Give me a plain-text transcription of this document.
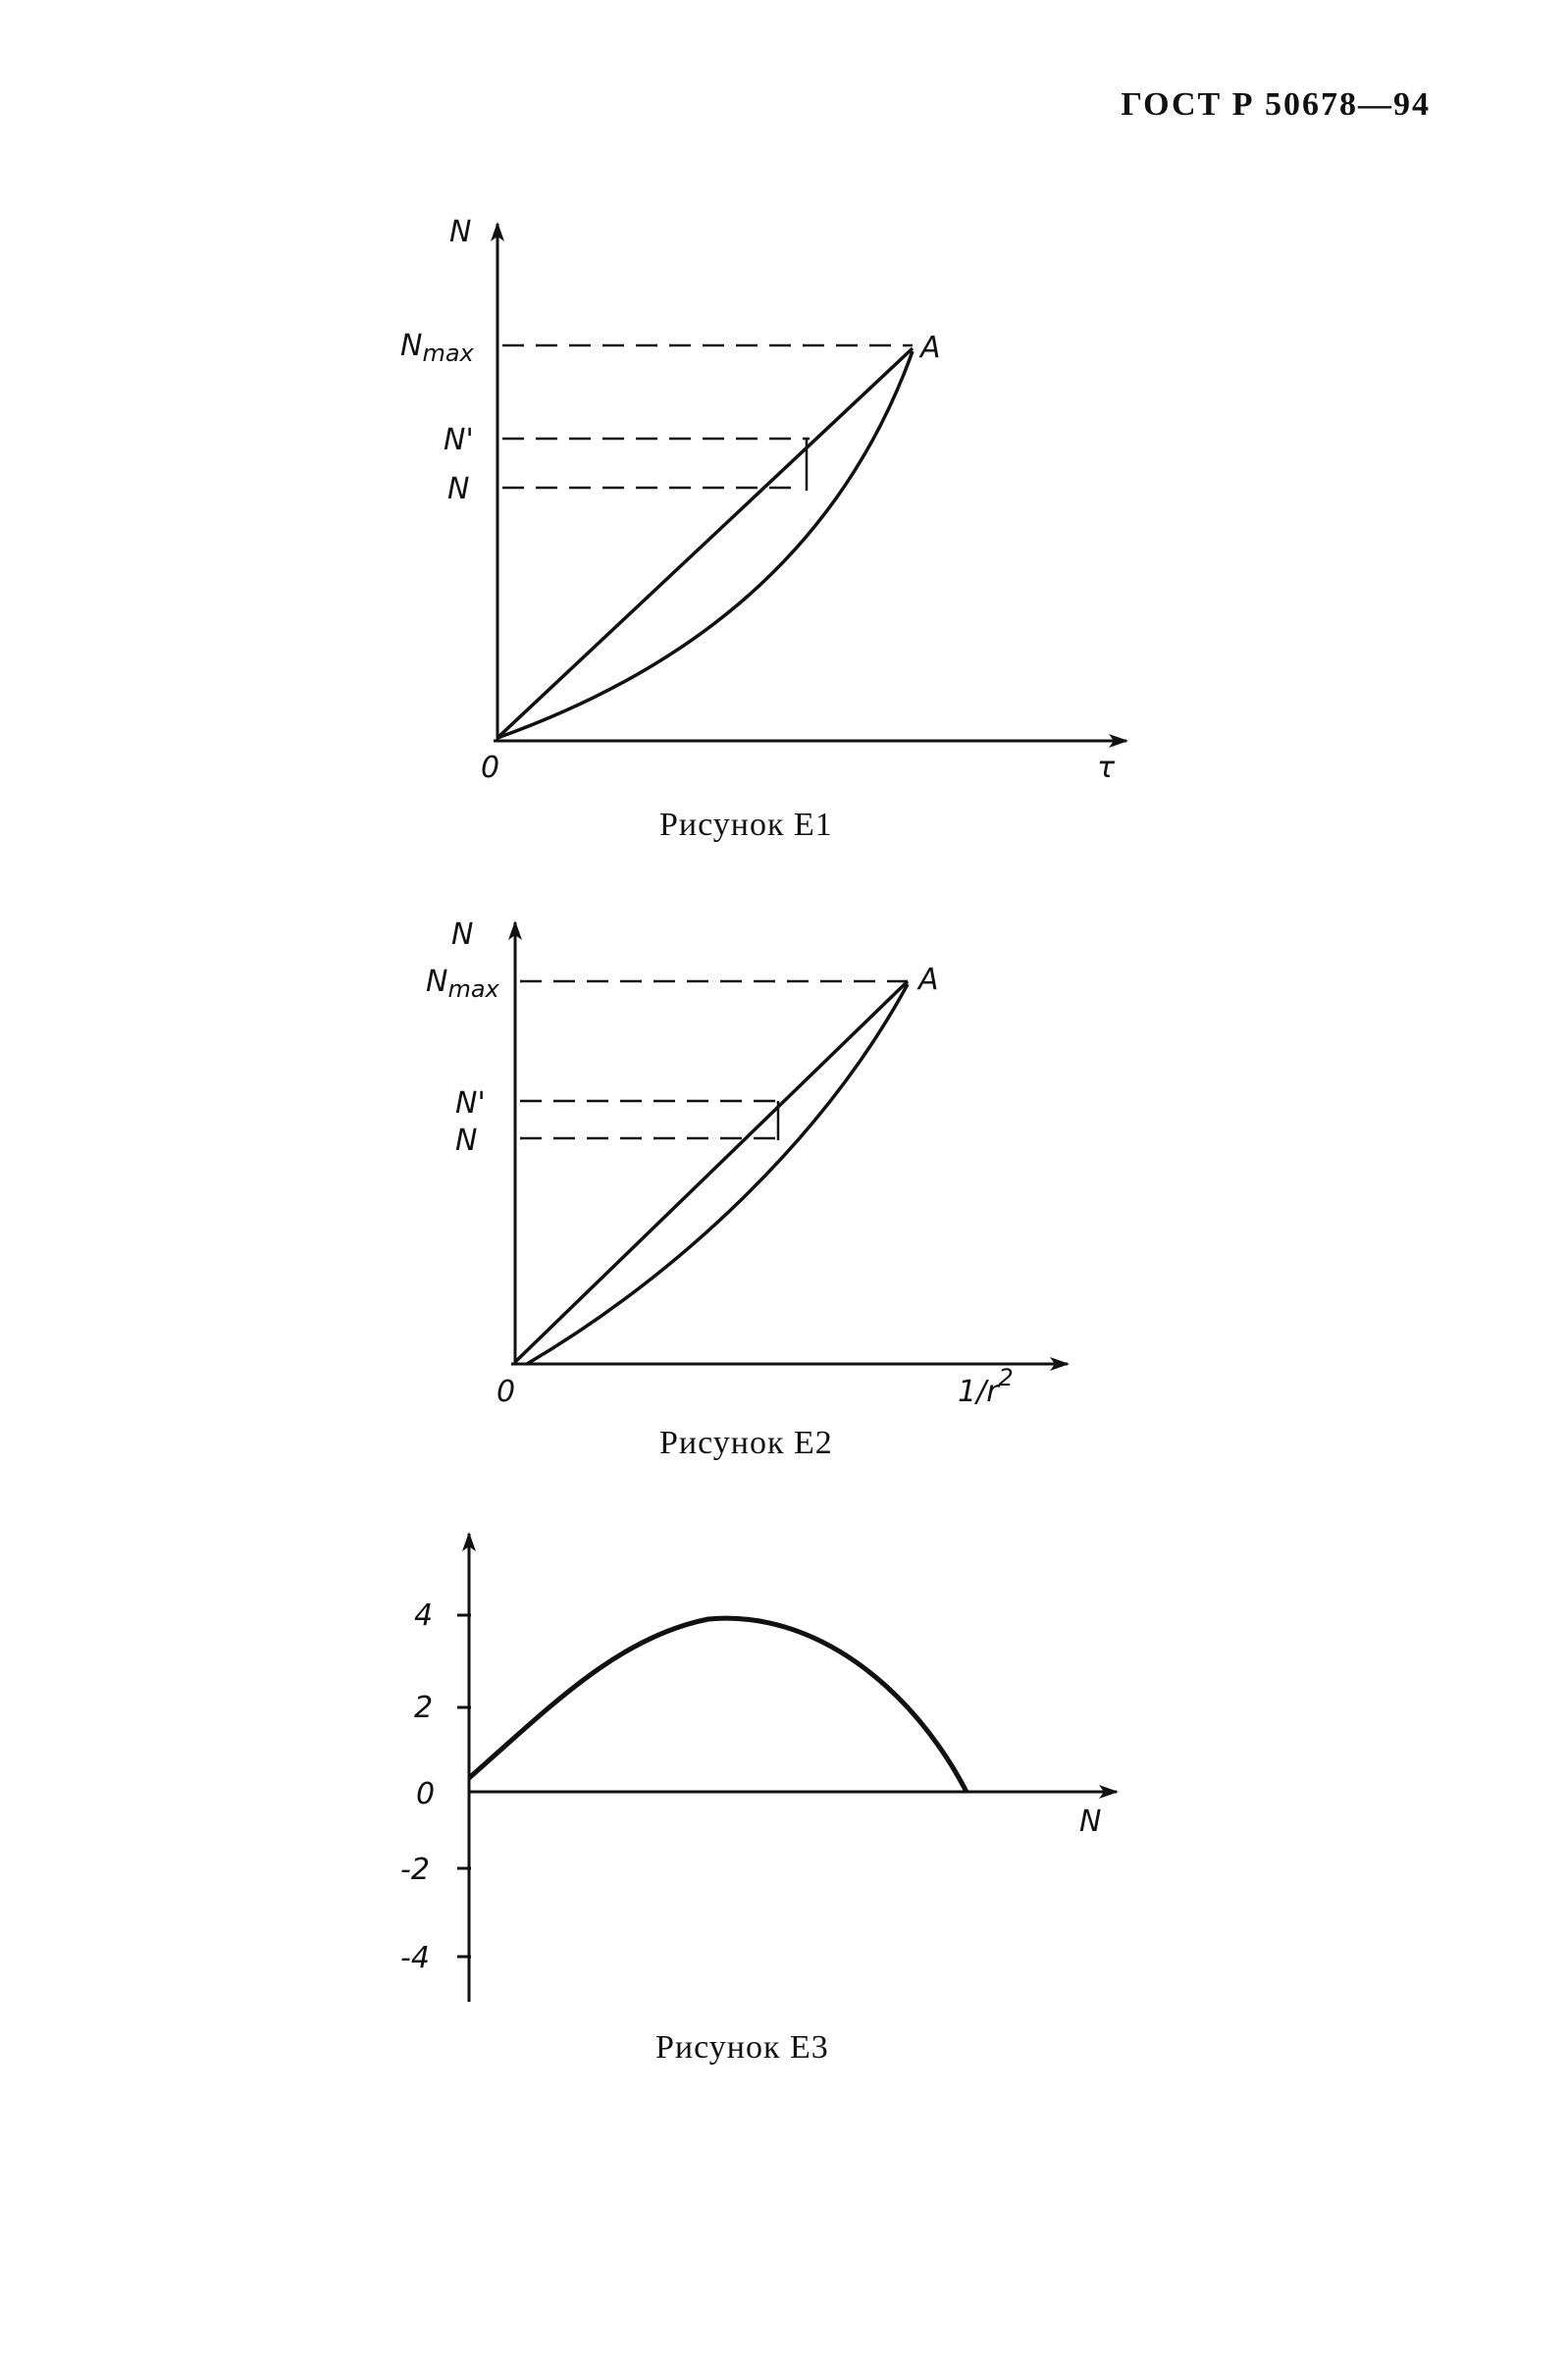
ГОСТ Р 50678—94
N
$N_{max}$
N'
N
A
0	τ
Рисунок Е1
N
$N_{max}$
N'
N
A
0	$1/r^2$
Рисунок Е2
4
2
0
-2
-4
N
Рисунок Е3
